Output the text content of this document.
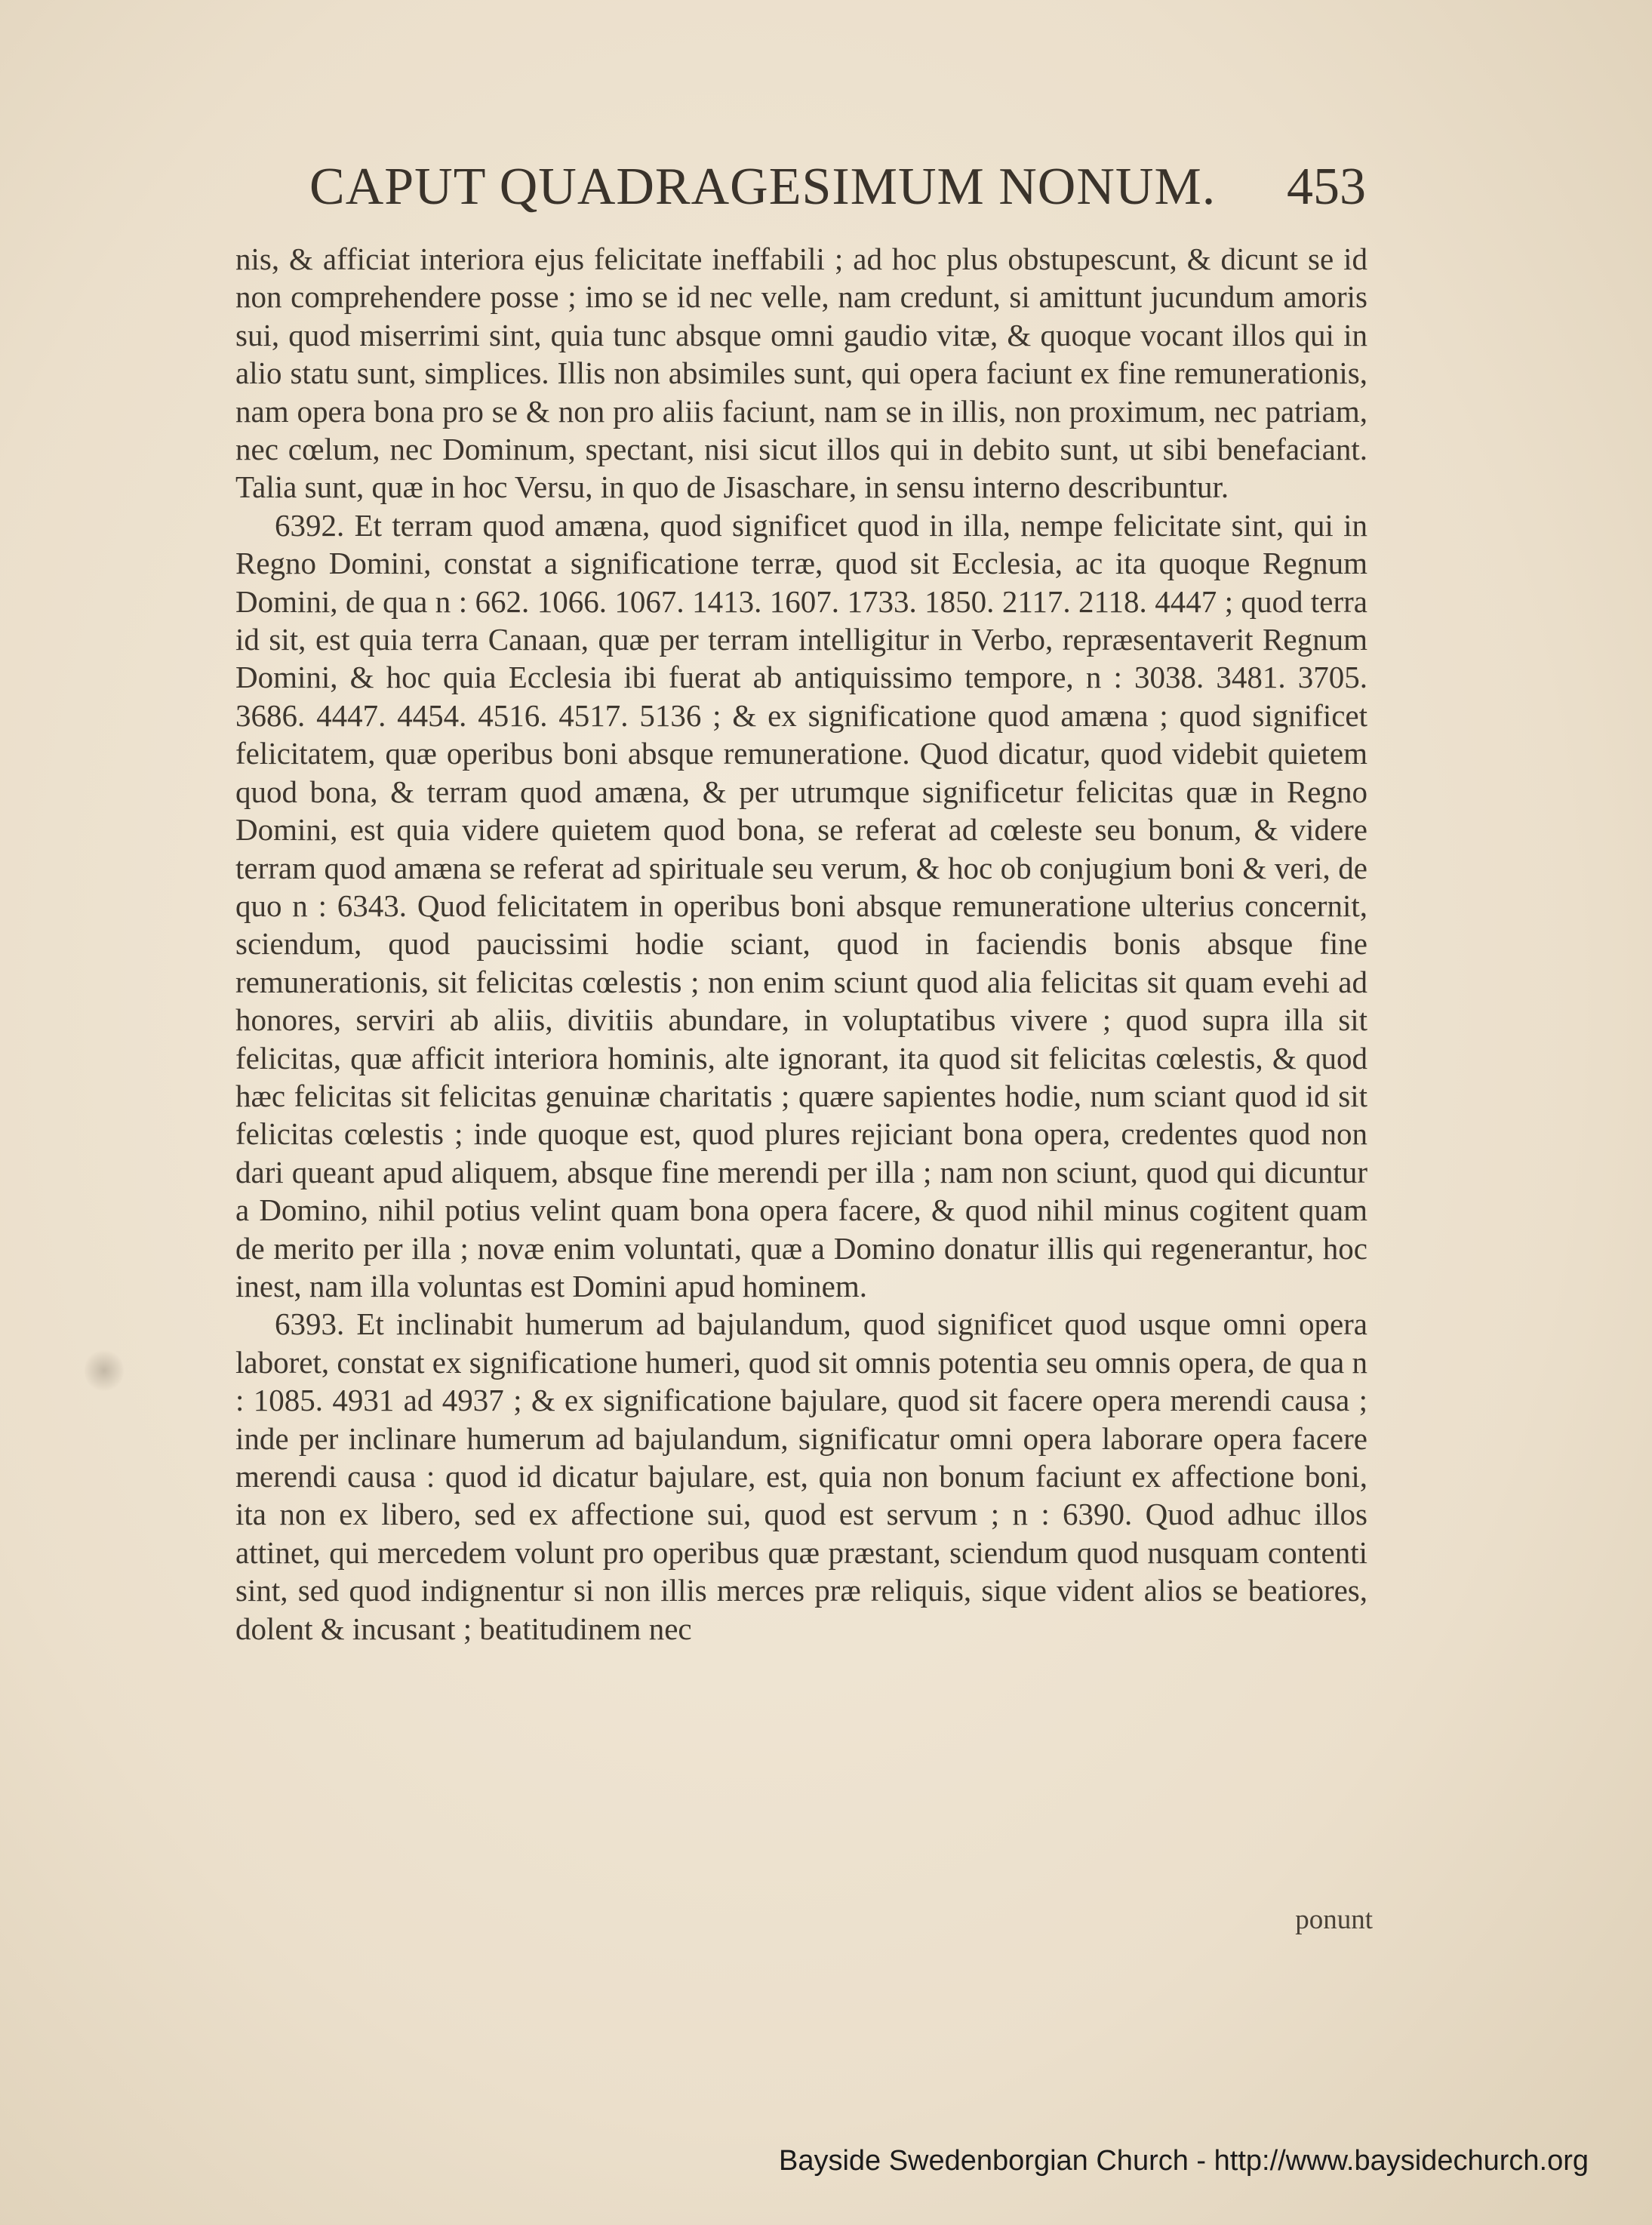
CAPUT QUADRAGESIMUM NONUM. 453

nis, & afficiat interiora ejus felicitate ineffabili ; ad hoc plus obstupescunt, & dicunt se id non comprehendere posse ; imo se id nec velle, nam credunt, si amittunt jucundum amoris sui, quod miserrimi sint, quia tunc absque omni gaudio vitæ, & quoque vocant illos qui in alio statu sunt, simplices. Illis non absimiles sunt, qui opera faciunt ex fine remunerationis, nam opera bona pro se & non pro aliis faciunt, nam se in illis, non proximum, nec patriam, nec cœlum, nec Dominum, spectant, nisi sicut illos qui in debito sunt, ut sibi benefaciant. Talia sunt, quæ in hoc Versu, in quo de Jisaschare, in sensu interno describuntur.

6392. Et terram quod amæna, quod significet quod in illa, nempe felicitate sint, qui in Regno Domini, constat a significatione terræ, quod sit Ecclesia, ac ita quoque Regnum Domini, de qua n : 662. 1066. 1067. 1413. 1607. 1733. 1850. 2117. 2118. 4447 ; quod terra id sit, est quia terra Canaan, quæ per terram intelligitur in Verbo, repræsentaverit Regnum Domini, & hoc quia Ecclesia ibi fuerat ab antiquissimo tempore, n : 3038. 3481. 3705. 3686. 4447. 4454. 4516. 4517. 5136 ; & ex significatione quod amæna ; quod significet felicitatem, quæ operibus boni absque remuneratione. Quod dicatur, quod videbit quietem quod bona, & terram quod amæna, & per utrumque significetur felicitas quæ in Regno Domini, est quia videre quietem quod bona, se referat ad cœleste seu bonum, & videre terram quod amæna se referat ad spirituale seu verum, & hoc ob conjugium boni & veri, de quo n : 6343. Quod felicitatem in operibus boni absque remuneratione ulterius concernit, sciendum, quod paucissimi hodie sciant, quod in faciendis bonis absque fine remunerationis, sit felicitas cœlestis ; non enim sciunt quod alia felicitas sit quam evehi ad honores, serviri ab aliis, divitiis abundare, in voluptatibus vivere ; quod supra illa sit felicitas, quæ afficit interiora hominis, alte ignorant, ita quod sit felicitas cœlestis, & quod hæc felicitas sit felicitas genuinæ charitatis ; quære sapientes hodie, num sciant quod id sit felicitas cœlestis ; inde quoque est, quod plures rejiciant bona opera, credentes quod non dari queant apud aliquem, absque fine merendi per illa ; nam non sciunt, quod qui dicuntur a Domino, nihil potius velint quam bona opera facere, & quod nihil minus cogitent quam de merito per illa ; novæ enim voluntati, quæ a Domino donatur illis qui regenerantur, hoc inest, nam illa voluntas est Domini apud hominem.

6393. Et inclinabit humerum ad bajulandum, quod significet quod usque omni opera laboret, constat ex significatione humeri, quod sit omnis potentia seu omnis opera, de qua n : 1085. 4931 ad 4937 ; & ex significatione bajulare, quod sit facere opera merendi causa ; inde per inclinare humerum ad bajulandum, significatur omni opera laborare opera facere merendi causa : quod id dicatur bajulare, est, quia non bonum faciunt ex affectione boni, ita non ex libero, sed ex affectione sui, quod est servum ; n : 6390. Quod adhuc illos attinet, qui mercedem volunt pro operibus quæ præstant, sciendum quod nusquam contenti sint, sed quod indignentur si non illis merces præ reliquis, sique vident alios se beatiores, dolent & incusant ; beatitudinem nec

ponunt
Bayside Swedenborgian Church - http://www.baysidechurch.org
